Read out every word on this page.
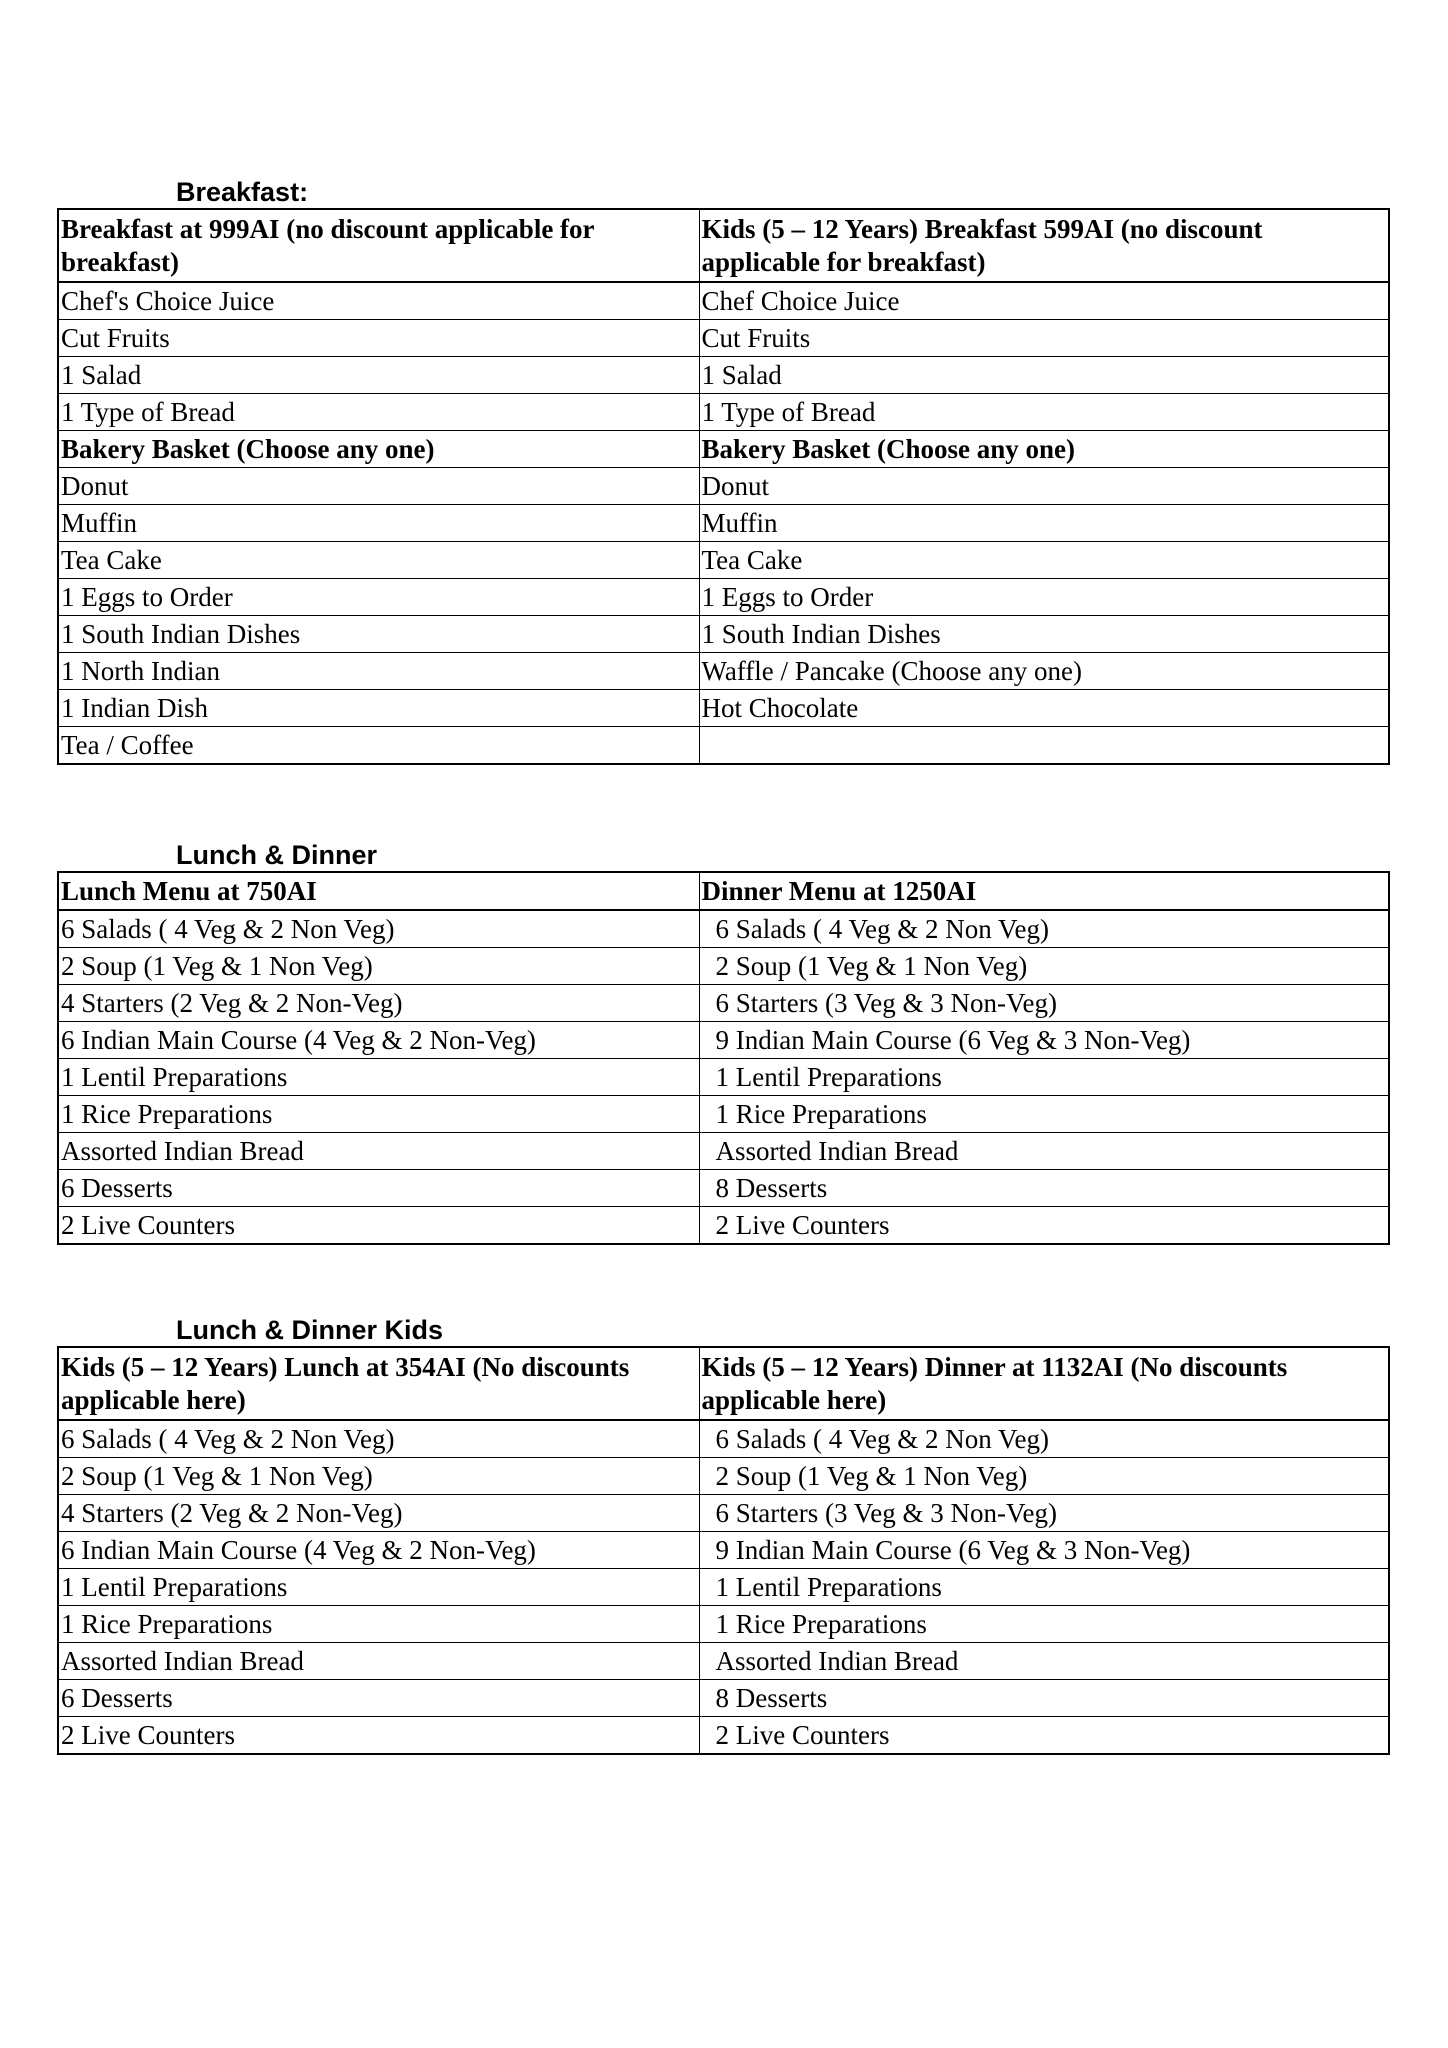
Breakfast:
Breakfast at 999AI (no discount applicable for breakfast)	Kids (5 – 12 Years) Breakfast 599AI (no discount applicable for breakfast)
Chef's Choice Juice	Chef Choice Juice
Cut Fruits	Cut Fruits
1 Salad	1 Salad
1 Type of Bread	1 Type of Bread
Bakery Basket (Choose any one)	Bakery Basket (Choose any one)
Donut	Donut
Muffin	Muffin
Tea Cake	Tea Cake
1 Eggs to Order	1 Eggs to Order
1 South Indian Dishes	1 South Indian Dishes
1 North Indian	Waffle / Pancake (Choose any one)
1 Indian Dish	Hot Chocolate
Tea / Coffee	
Lunch & Dinner
Lunch Menu at 750AI	Dinner Menu at 1250AI
6 Salads ( 4 Veg & 2 Non Veg)	6 Salads ( 4 Veg & 2 Non Veg)
2 Soup (1 Veg & 1 Non Veg)	2 Soup (1 Veg & 1 Non Veg)
4 Starters (2 Veg & 2 Non-Veg)	6 Starters (3 Veg & 3 Non-Veg)
6 Indian Main Course (4 Veg & 2 Non-Veg)	9 Indian Main Course (6 Veg & 3 Non-Veg)
1 Lentil Preparations	1 Lentil Preparations
1 Rice Preparations	1 Rice Preparations
Assorted Indian Bread	Assorted Indian Bread
6 Desserts	8 Desserts
2 Live Counters	2 Live Counters
Lunch & Dinner Kids
Kids (5 – 12 Years) Lunch at 354AI (No discounts applicable here)	Kids (5 – 12 Years) Dinner at 1132AI (No discounts applicable here)
6 Salads ( 4 Veg & 2 Non Veg)	6 Salads ( 4 Veg & 2 Non Veg)
2 Soup (1 Veg & 1 Non Veg)	2 Soup (1 Veg & 1 Non Veg)
4 Starters (2 Veg & 2 Non-Veg)	6 Starters (3 Veg & 3 Non-Veg)
6 Indian Main Course (4 Veg & 2 Non-Veg)	9 Indian Main Course (6 Veg & 3 Non-Veg)
1 Lentil Preparations	1 Lentil Preparations
1 Rice Preparations	1 Rice Preparations
Assorted Indian Bread	Assorted Indian Bread
6 Desserts	8 Desserts
2 Live Counters	2 Live Counters
